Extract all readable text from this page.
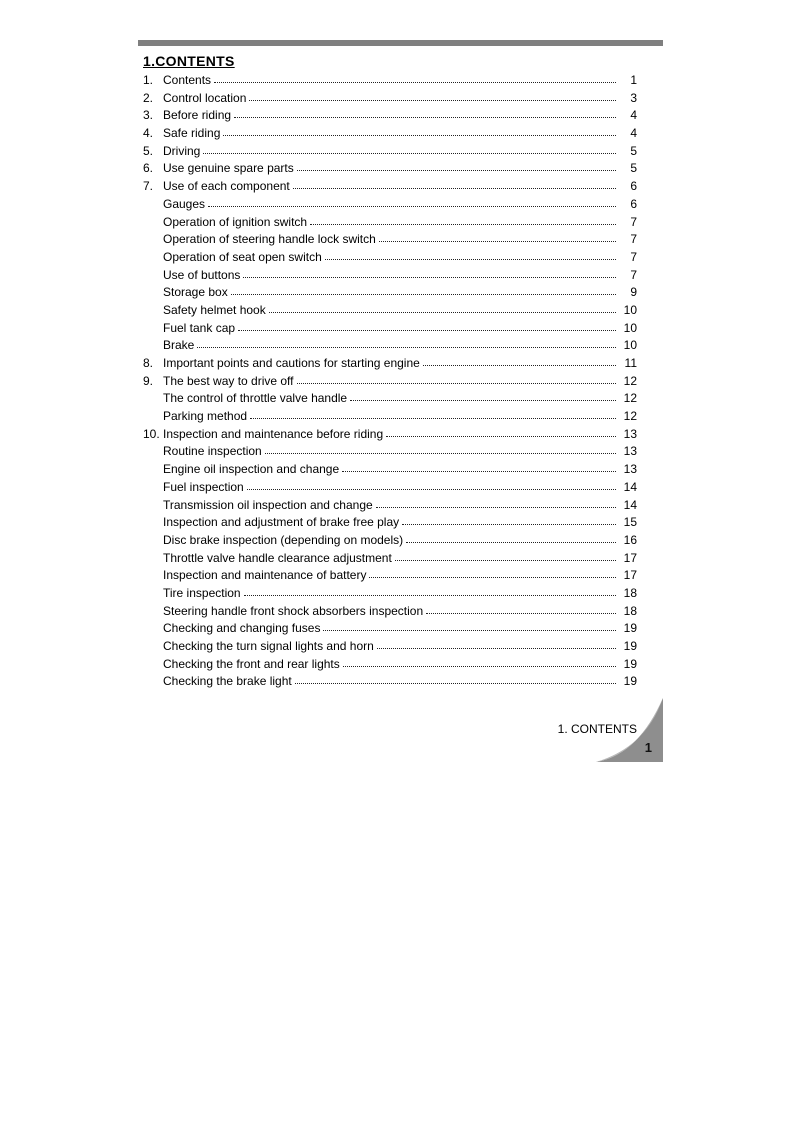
1.CONTENTS
1. Contents	1
2. Control location	3
3. Before riding	4
4. Safe riding	4
5. Driving	5
6. Use genuine spare parts	5
7. Use of each component	6
Gauges	6
Operation of ignition switch	7
Operation of steering handle lock switch	7
Operation of seat open switch	7
Use of buttons	7
Storage box	9
Safety helmet hook	10
Fuel tank cap	10
Brake	10
8. Important points and cautions for starting engine	11
9. The best way to drive off	12
The control of throttle valve handle	12
Parking method	12
10. Inspection and maintenance before riding	13
Routine inspection	13
Engine oil inspection and change	13
Fuel inspection	14
Transmission oil inspection and change	14
Inspection and adjustment of brake free play	15
Disc brake inspection (depending on models)	16
Throttle valve handle clearance adjustment	17
Inspection and maintenance of battery	17
Tire inspection	18
Steering handle front shock absorbers inspection	18
Checking and changing fuses	19
Checking the turn signal lights and horn	19
Checking the front and rear lights	19
Checking the brake light	19
1. CONTENTS
1
